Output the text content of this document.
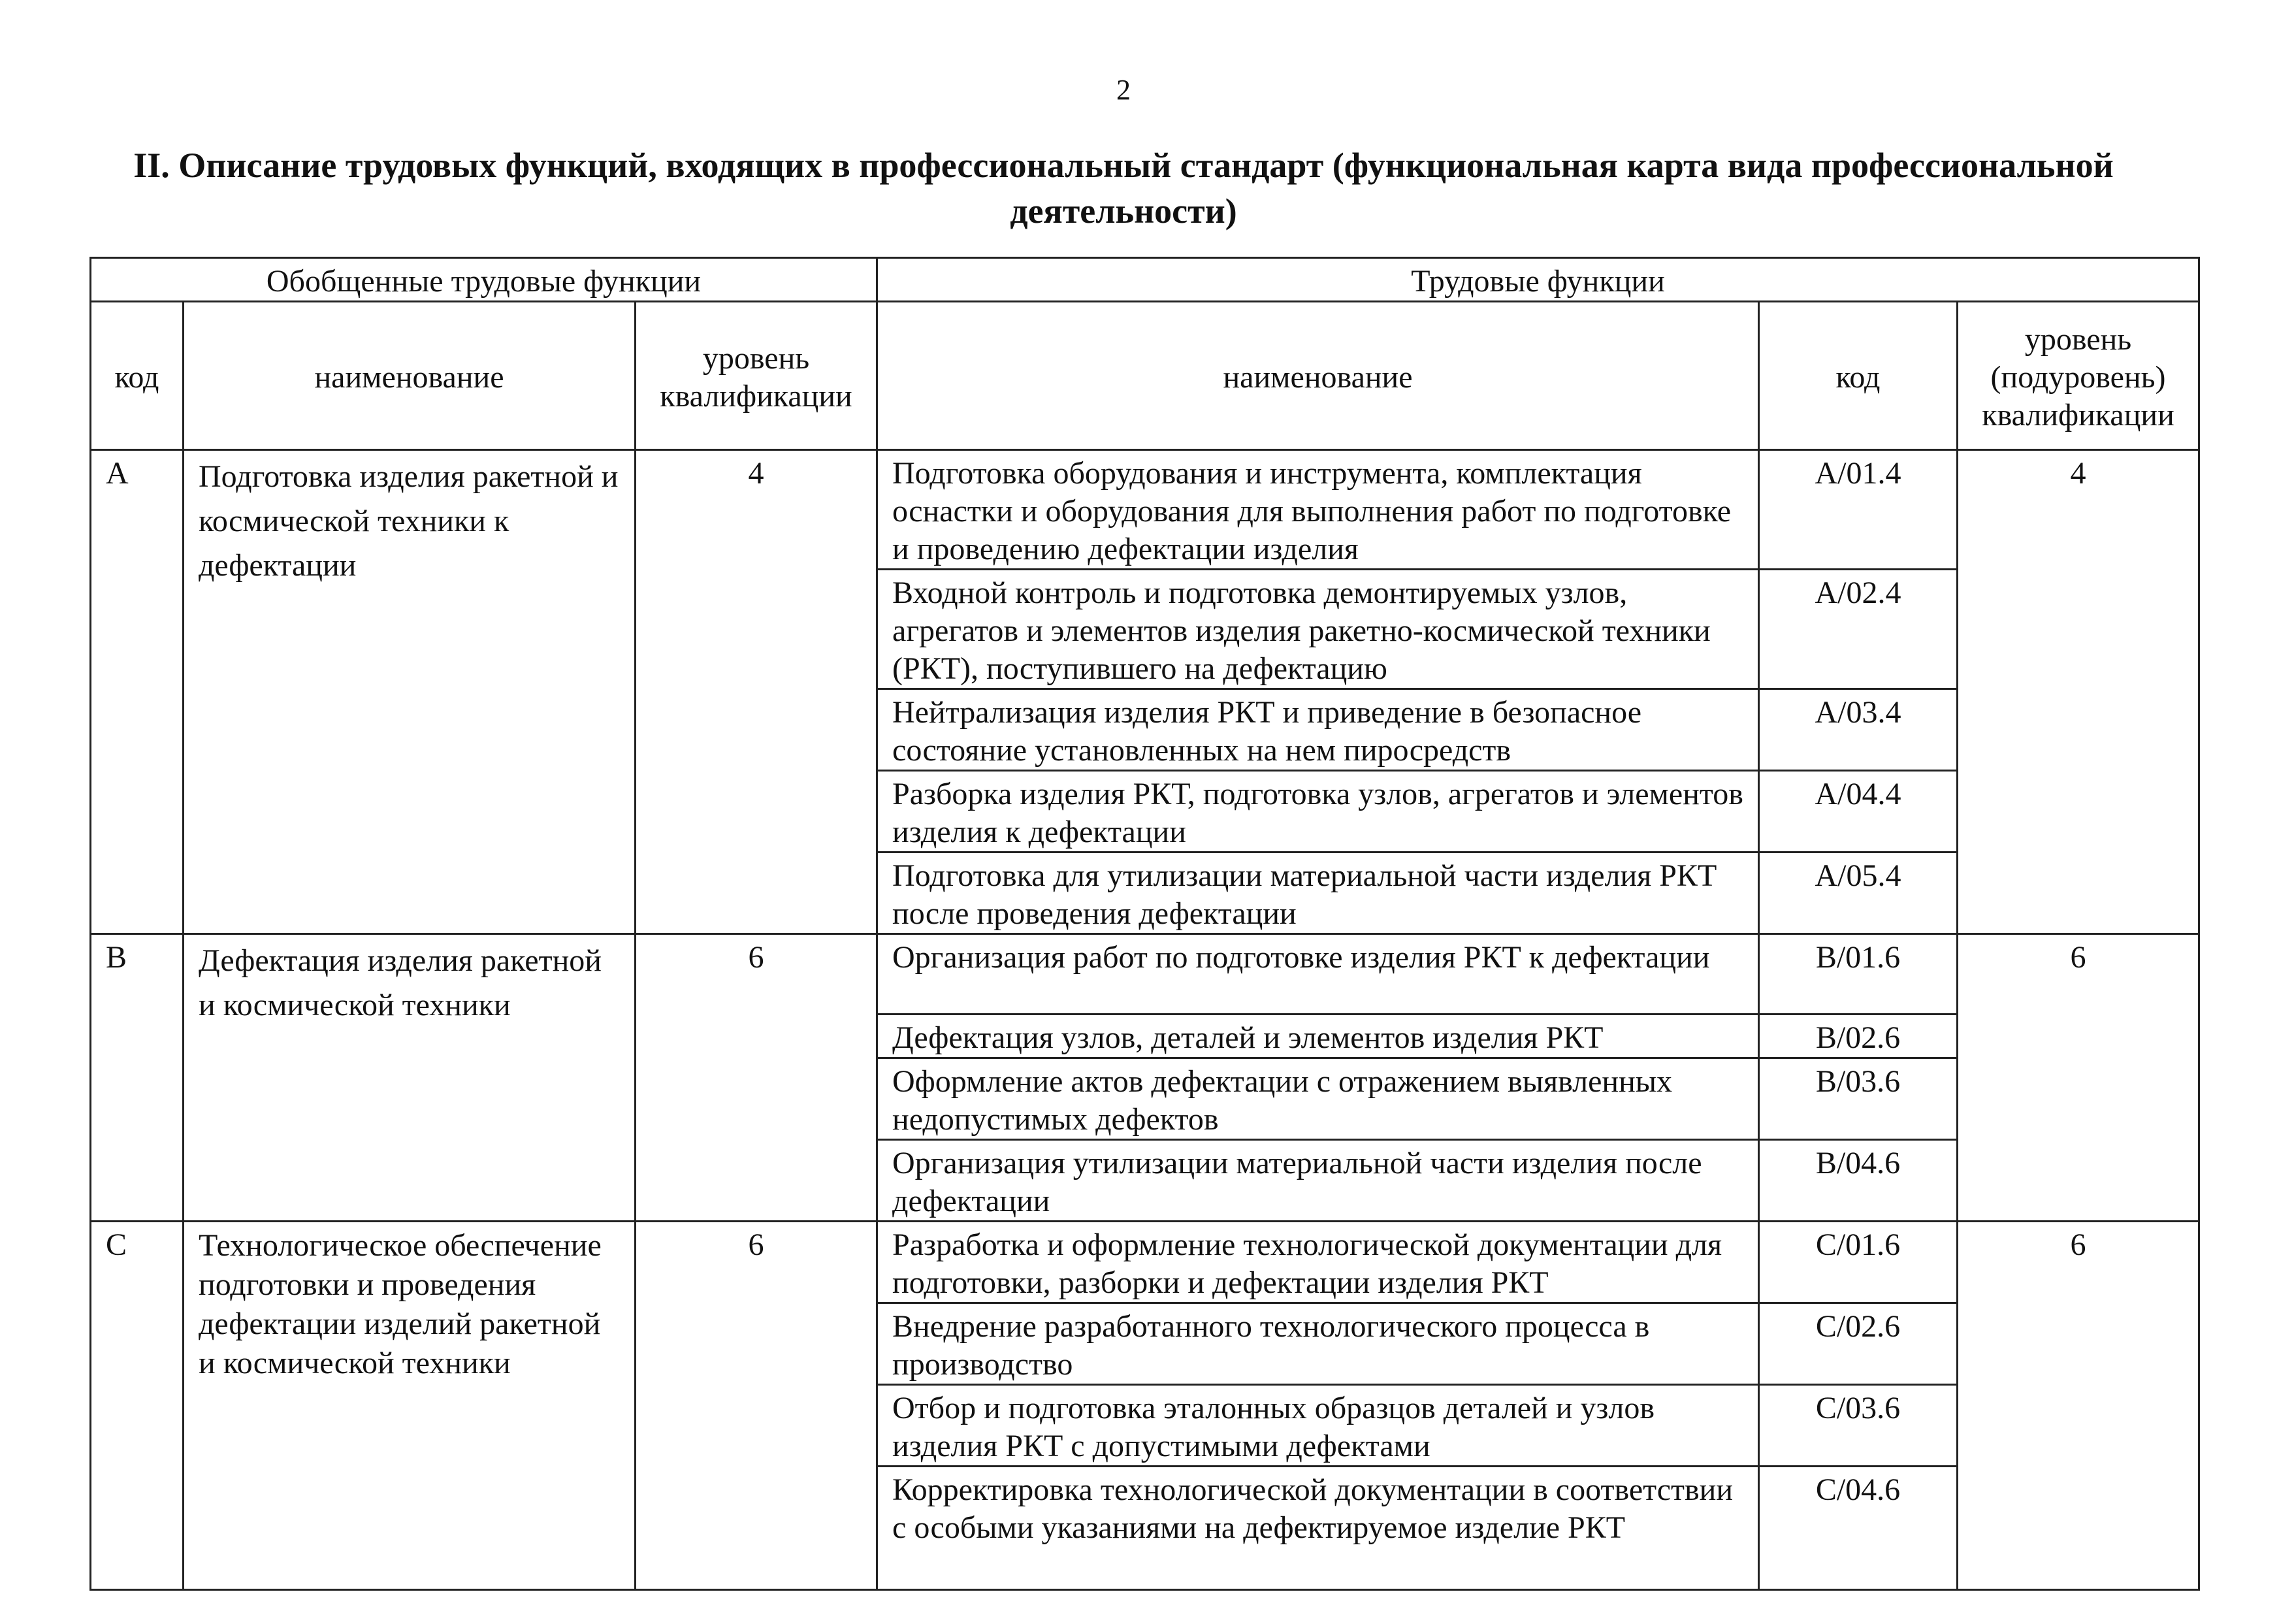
2
II. Описание трудовых функций, входящих в профессиональный стандарт (функциональная карта вида профессиональной деятельности)
Обобщенные трудовые функции			Трудовые функции		
код	наименование	уровень квалификации	наименование	код	уровень (подуровень) квалификации
A	Подготовка изделия ракетной и космической техники к дефектации	4	Подготовка оборудования и инструмента, комплектация оснастки и оборудования для выполнения работ по подготовке и проведению дефектации изделия	A/01.4	4
			Входной контроль и подготовка демонтируемых узлов, агрегатов и элементов изделия ракетно-космической техники (РКТ), поступившего на дефектацию	A/02.4	
			Нейтрализация изделия РКТ и приведение в безопасное состояние установленных на нем пиросредств	A/03.4	
			Разборка изделия РКТ, подготовка узлов, агрегатов и элементов изделия к дефектации	A/04.4	
			Подготовка для утилизации материальной части изделия РКТ после проведения дефектации	A/05.4	
B	Дефектация изделия ракетной и космической техники	6	Организация работ по подготовке изделия РКТ к дефектации	B/01.6	6
			Дефектация узлов, деталей и элементов изделия РКТ	B/02.6	
			Оформление актов дефектации с отражением выявленных недопустимых дефектов	B/03.6	
			Организация утилизации материальной части изделия после дефектации	B/04.6	
C	Технологическое обеспечение подготовки и проведения дефектации изделий ракетной и космической техники	6	Разработка и оформление технологической документации для подготовки, разборки и дефектации изделия РКТ	C/01.6	6
			Внедрение разработанного технологического процесса в производство	C/02.6	
			Отбор и подготовка эталонных образцов деталей и узлов изделия РКТ с допустимыми дефектами	C/03.6	
			Корректировка технологической документации в соответствии с особыми указаниями на дефектируемое изделие РКТ	C/04.6	
